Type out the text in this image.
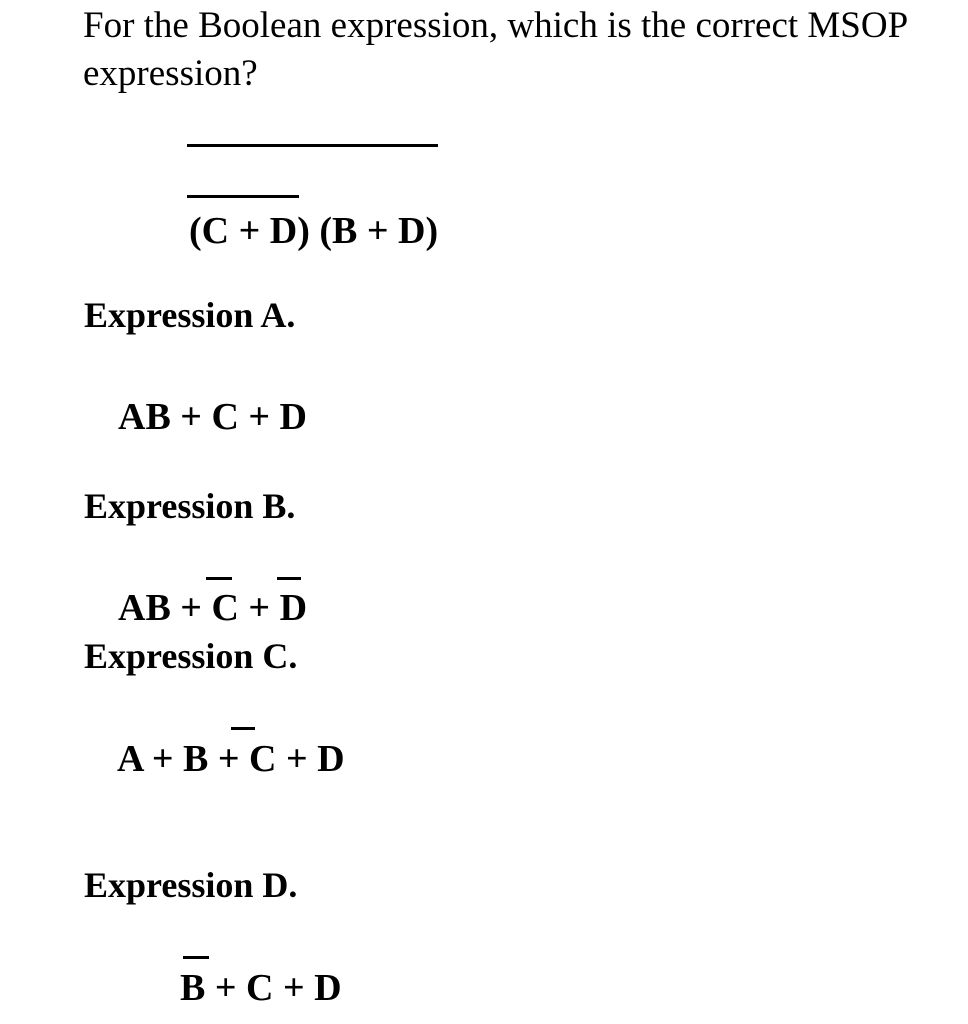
For the Boolean expression, which is the correct MSOP
expression?
(C + D) (B + D)
Expression A.
AB + C + D
Expression B.
AB + C + D
Expression C.
A + B + C + D
Expression D.
B + C + D
